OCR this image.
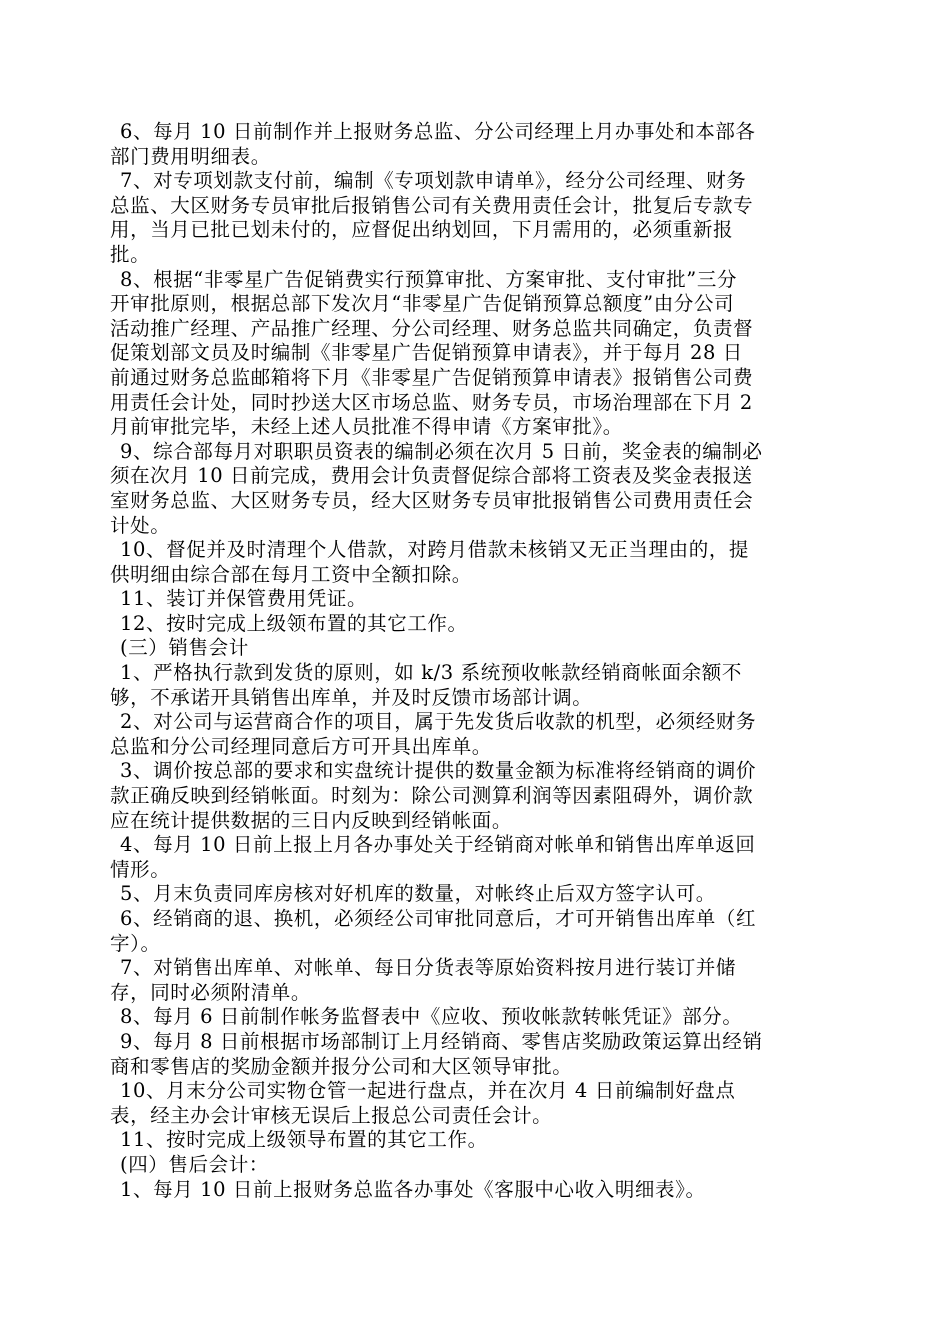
6、每月 10 日前制作并上报财务总监、分公司经理上月办事处和本部各
部门费用明细表。
7、对专项划款支付前，编制《专项划款申请单》，经分公司经理、财务
总监、大区财务专员审批后报销售公司有关费用责任会计，批复后专款专
用，当月已批已划未付的，应督促出纳划回，下月需用的，必须重新报
批。
8、根据“非零星广告促销费实行预算审批、方案审批、支付审批”三分
开审批原则，根据总部下发次月“非零星广告促销预算总额度”由分公司
活动推广经理、产品推广经理、分公司经理、财务总监共同确定，负责督
促策划部文员及时编制《非零星广告促销预算申请表》，并于每月 28 日
前通过财务总监邮箱将下月《非零星广告促销预算申请表》报销售公司费
用责任会计处，同时抄送大区市场总监、财务专员，市场治理部在下月 2
月前审批完毕，未经上述人员批准不得申请《方案审批》。
9、综合部每月对职职员资表的编制必须在次月 5 日前，奖金表的编制必
须在次月 10 日前完成，费用会计负责督促综合部将工资表及奖金表报送
室财务总监、大区财务专员，经大区财务专员审批报销售公司费用责任会
计处。
10、督促并及时清理个人借款，对跨月借款未核销又无正当理由的，提
供明细由综合部在每月工资中全额扣除。
11、装订并保管费用凭证。
12、按时完成上级领布置的其它工作。
(三）销售会计
1、严格执行款到发货的原则，如 k/3 系统预收帐款经销商帐面余额不
够，不承诺开具销售出库单，并及时反馈市场部计调。
2、对公司与运营商合作的项目，属于先发货后收款的机型，必须经财务
总监和分公司经理同意后方可开具出库单。
3、调价按总部的要求和实盘统计提供的数量金额为标准将经销商的调价
款正确反映到经销帐面。时刻为：除公司测算利润等因素阻碍外，调价款
应在统计提供数据的三日内反映到经销帐面。
4、每月 10 日前上报上月各办事处关于经销商对帐单和销售出库单返回
情形。
5、月末负责同库房核对好机库的数量，对帐终止后双方签字认可。
6、经销商的退、换机，必须经公司审批同意后，才可开销售出库单（红
字）。
7、对销售出库单、对帐单、每日分货表等原始资料按月进行装订并储
存，同时必须附清单。
8、每月 6 日前制作帐务监督表中《应收、预收帐款转帐凭证》部分。
9、每月 8 日前根据市场部制订上月经销商、零售店奖励政策运算出经销
商和零售店的奖励金额并报分公司和大区领导审批。
10、月末分公司实物仓管一起进行盘点，并在次月 4 日前编制好盘点
表，经主办会计审核无误后上报总公司责任会计。
11、按时完成上级领导布置的其它工作。
(四）售后会计：
1、每月 10 日前上报财务总监各办事处《客服中心收入明细表》。
